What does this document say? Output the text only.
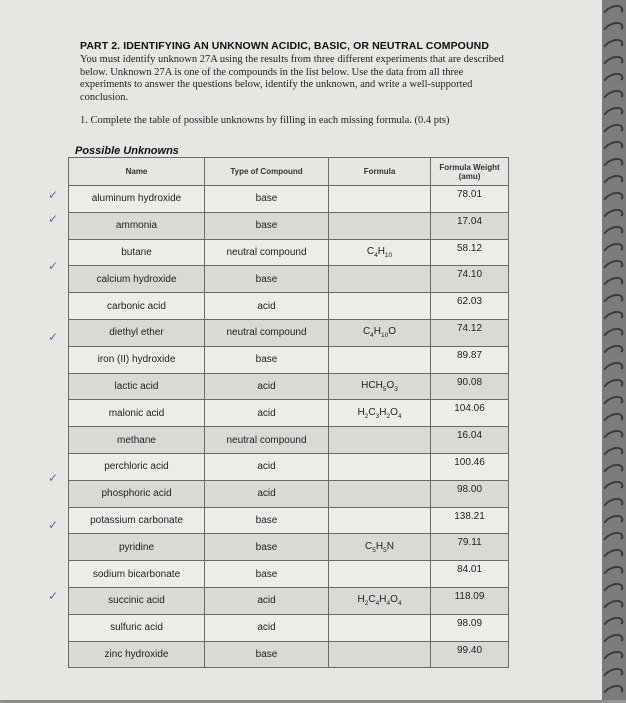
PART 2. IDENTIFYING AN UNKNOWN ACIDIC, BASIC, OR NEUTRAL COMPOUND
You must identify unknown 27A using the results from three different experiments that are described below. Unknown 27A is one of the compounds in the list below. Use the data from all three experiments to answer the questions below, identify the unknown, and write a well-supported conclusion.
1. Complete the table of possible unknowns by filling in each missing formula. (0.4 pts)
Possible Unknowns
Name	Type of Compound	Formula	Formula Weight
(amu)
aluminum hydroxide	base		78.01
ammonia	base		17.04
butane	neutral compound	$C_4H_{10}$	58.12
calcium hydroxide	base		74.10
carbonic acid	acid		62.03
diethyl ether	neutral compound	$C_4H_{10}O$	74.12
iron (II) hydroxide	base		89.87
lactic acid	acid	$HCH_5O_3$	90.08
malonic acid	acid	$H_2C_3H_2O_4$	104.06
methane	neutral compound		16.04
perchloric acid	acid		100.46
phosphoric acid	acid		98.00
potassium carbonate	base		138.21
pyridine	base	$C_5H_5N$	79.11
sodium bicarbonate	base		84.01
succinic acid	acid	$H_2C_4H_4O_4$	118.09
sulfuric acid	acid		98.09
zinc hydroxide	base		99.40
✓
✓
✓
✓
✓
✓
✓
